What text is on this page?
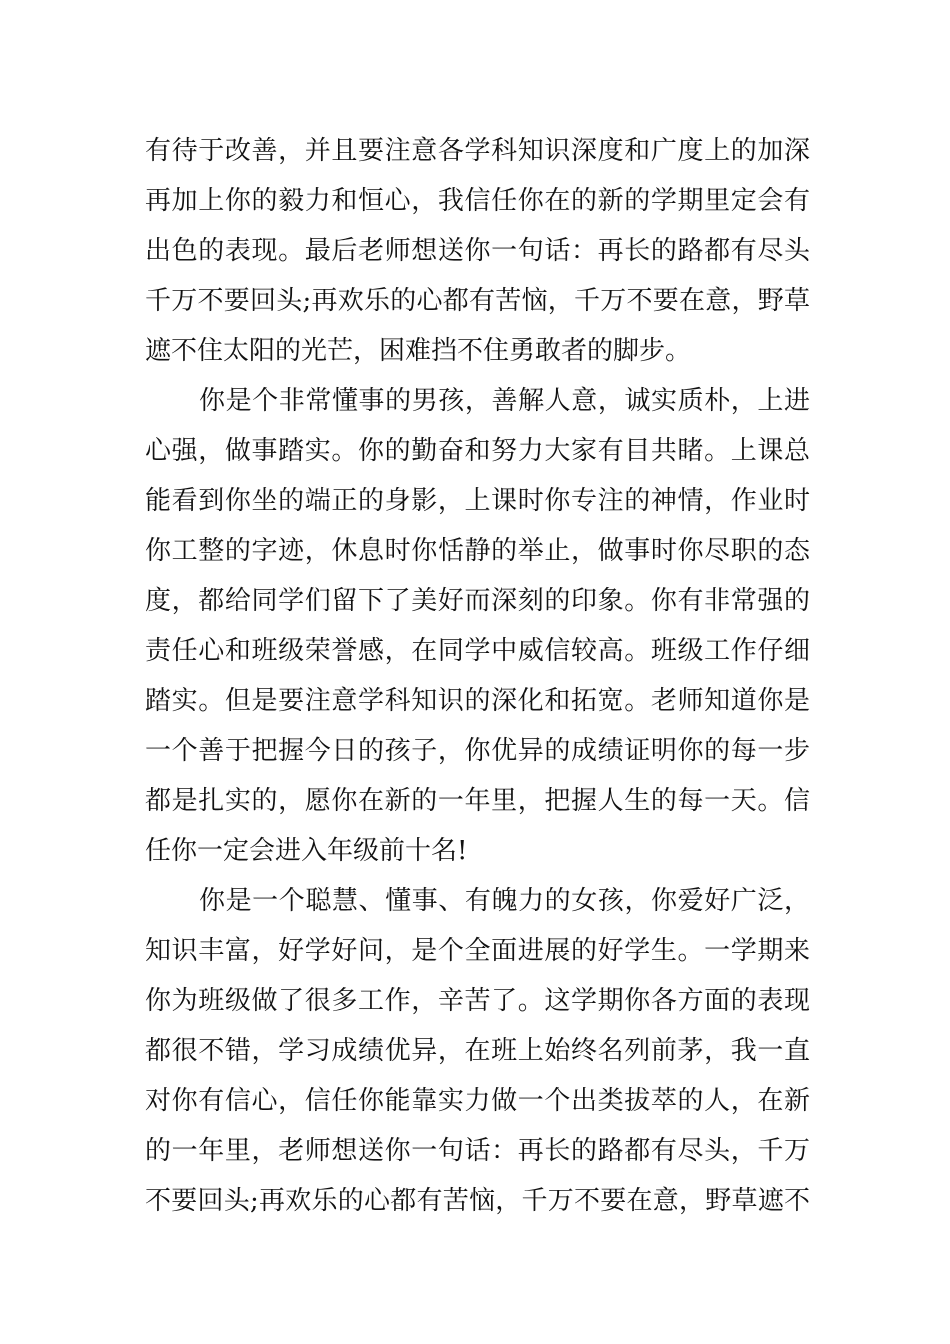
有待于改善，并且要注意各学科知识深度和广度上的加深
再加上你的毅力和恒心，我信任你在的新的学期里定会有
出色的表现。最后老师想送你一句话：再长的路都有尽头
千万不要回头;再欢乐的心都有苦恼，千万不要在意，野草
遮不住太阳的光芒，困难挡不住勇敢者的脚步。
你是个非常懂事的男孩，善解人意，诚实质朴，上进
心强，做事踏实。你的勤奋和努力大家有目共睹。上课总
能看到你坐的端正的身影，上课时你专注的神情，作业时
你工整的字迹，休息时你恬静的举止，做事时你尽职的态
度，都给同学们留下了美好而深刻的印象。你有非常强的
责任心和班级荣誉感，在同学中威信较高。班级工作仔细
踏实。但是要注意学科知识的深化和拓宽。老师知道你是
一个善于把握今日的孩子，你优异的成绩证明你的每一步
都是扎实的，愿你在新的一年里，把握人生的每一天。信
任你一定会进入年级前十名!
你是一个聪慧、懂事、有魄力的女孩，你爱好广泛，
知识丰富，好学好问，是个全面进展的好学生。一学期来
你为班级做了很多工作，辛苦了。这学期你各方面的表现
都很不错，学习成绩优异，在班上始终名列前茅，我一直
对你有信心，信任你能靠实力做一个出类拔萃的人，在新
的一年里，老师想送你一句话：再长的路都有尽头，千万
不要回头;再欢乐的心都有苦恼，千万不要在意，野草遮不
